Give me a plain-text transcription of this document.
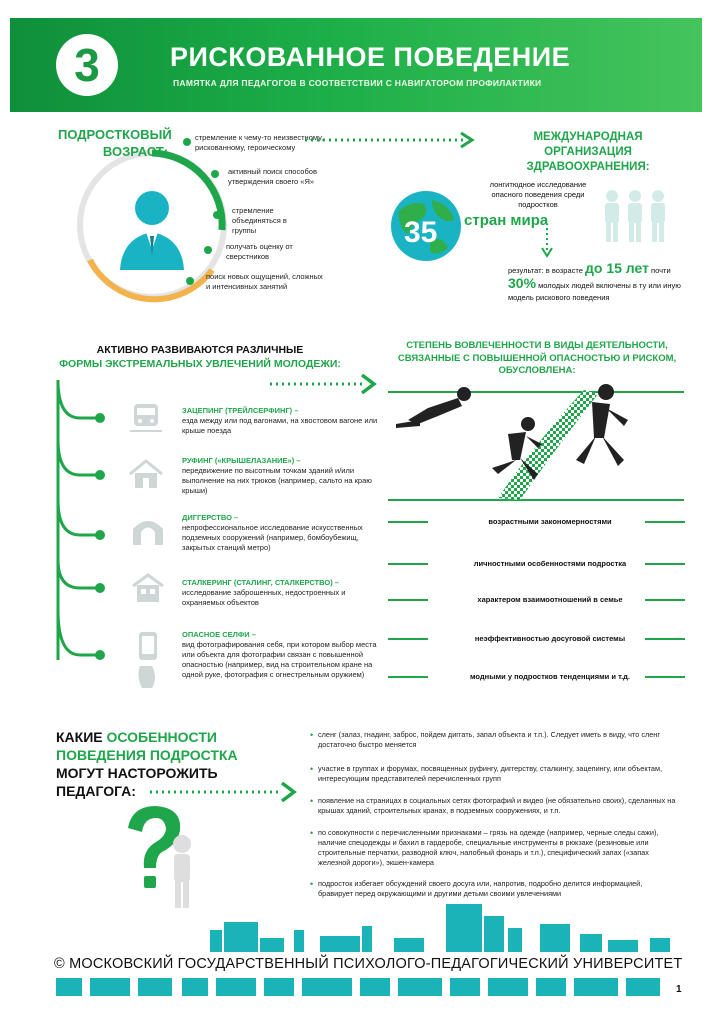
3	РИСКОВАННОЕ ПОВЕДЕНИЕ
ПАМЯТКА ДЛЯ ПЕДАГОГОВ В СООТВЕТСТВИИ С НАВИГАТОРОМ ПРОФИЛАКТИКИ
ПОДРОСТКОВЫЙ ВОЗРАСТ:
стремление к чему-то неизвестному, рискованному, героическому
активный поиск способов утверждения своего «Я»
стремление объединяться в группы
получать оценку от сверстников
поиск новых ощущений, сложных и интенсивных занятий
МЕЖДУНАРОДНАЯ ОРГАНИЗАЦИЯ ЗДРАВООХРАНЕНИЯ:
35
лонгитюдное исследование опасного поведения среди подростков
стран мира
результат: в возрасте до 15 лет почти
30% молодых людей включены в ту или иную модель рискового поведения
АКТИВНО РАЗВИВАЮТСЯ РАЗЛИЧНЫЕ
ФОРМЫ ЭКСТРЕМАЛЬНЫХ УВЛЕЧЕНИЙ МОЛОДЕЖИ:
ЗАЦЕПИНГ (ТРЕЙЛСЕРФИНГ) –
езда между или под вагонами, на хвостовом вагоне или крыше поезда
РУФИНГ («КРЫШЕЛАЗАНИЕ») –
передвижение по высотным точкам зданий и/или выполнение на них трюков (например, сальто на краю крыши)
ДИГГЕРСТВО –
непрофессиональное исследование искусственных подземных сооружений (например, бомбоубежищ, закрытых станций метро)
СТАЛКЕРИНГ (СТАЛИНГ, СТАЛКЕРСТВО) –
исследование заброшенных, недостроенных и охраняемых объектов
ОПАСНОЕ СЕЛФИ –
вид фотографирования себя, при котором выбор места или объекта для фотографии связан с повышенной опасностью (например, вид на строительном кране на одной руке, фотография с огнестрельным оружием)
СТЕПЕНЬ ВОВЛЕЧЕННОСТИ В ВИДЫ ДЕЯТЕЛЬНОСТИ, СВЯЗАННЫЕ С ПОВЫШЕННОЙ ОПАСНОСТЬЮ И РИСКОМ, ОБУСЛОВЛЕНА:
возрастными закономерностями
личностными особенностями подростка
характером взаимоотношений в семье
неэффективностью досуговой системы
модными у подростков тенденциями и т.д.
КАКИЕ ОСОБЕННОСТИ ПОВЕДЕНИЯ ПОДРОСТКА
МОГУТ НАСТОРОЖИТЬ ПЕДАГОГА:
• сленг (залаз, гнадинг, заброс, пойдем диггать, запал объекта и т.п.). Следует иметь в виду, что сленг достаточно быстро меняется
• участие в группах и форумах, посвященных руфингу, диггерству, сталкингу, зацепингу, или объектам, интересующим представителей перечисленных групп
• появление на страницах в социальных сетях фотографий и видео (не обязательно своих), сделанных на крышах зданий, строительных кранах, в подземных сооружениях, и т.п.
• по совокупности с перечисленными признаками – грязь на одежде (например, черные следы сажи), наличие спецодежды и бахил в гардеробе, специальные инструменты в рюкзаке (резиновые или строительные перчатки, разводной ключ, налобный фонарь и т.п.), специфический запах («запах железной дороги»), экшен-камера
• подросток избегает обсуждений своего досуга или, напротив, подробно делится информацией, бравирует перед окружающими и другими детьми своими увлечениями
© МОСКОВСКИЙ ГОСУДАРСТВЕННЫЙ ПСИХОЛОГО-ПЕДАГОГИЧЕСКИЙ УНИВЕРСИТЕТ
1
